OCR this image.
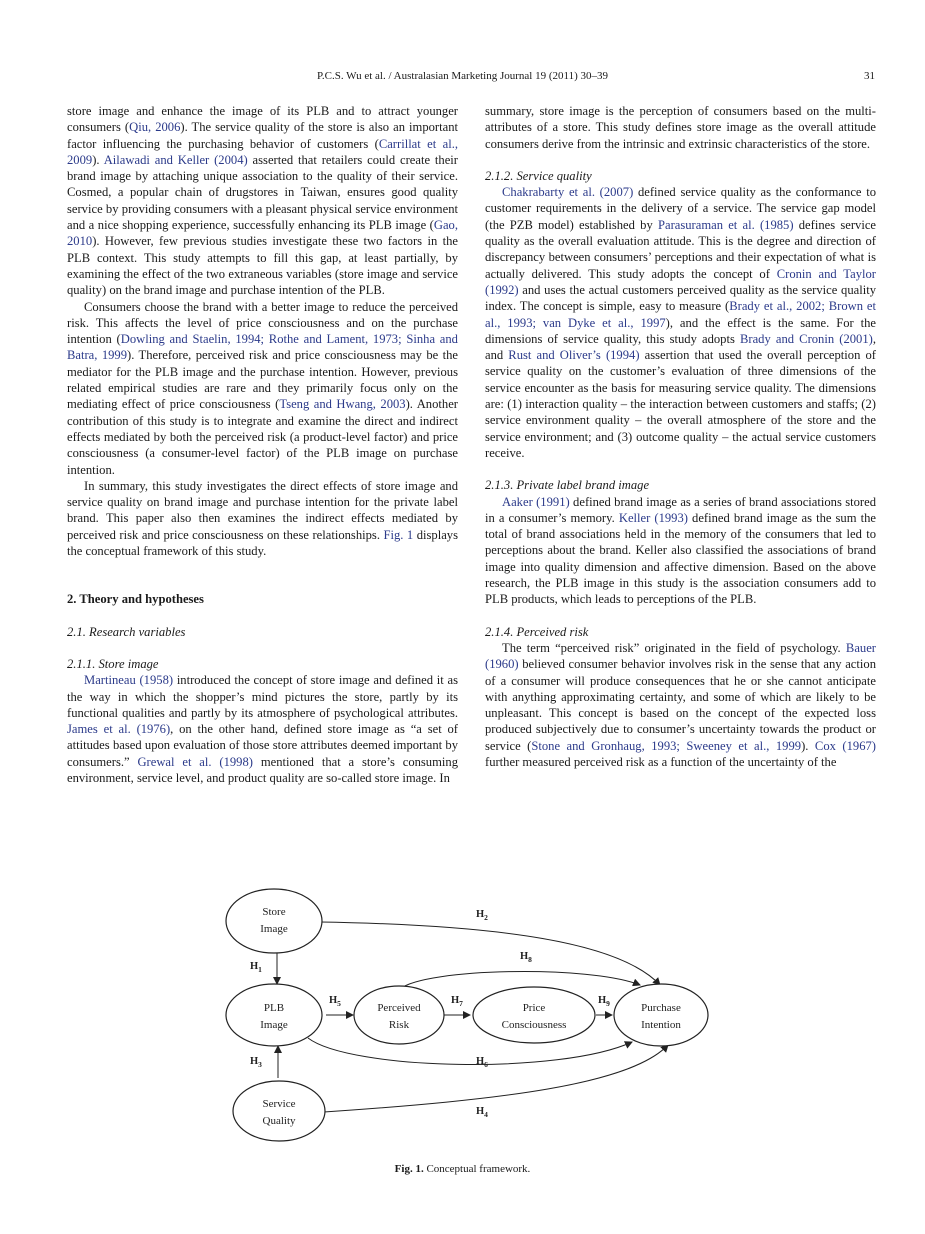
P.C.S. Wu et al. / Australasian Marketing Journal 19 (2011) 30–39	31

store image and enhance the image of its PLB and to attract younger consumers (Qiu, 2006). The service quality of the store is also an important factor influencing the purchasing behavior of customers (Carrillat et al., 2009). Ailawadi and Keller (2004) asserted that retailers could create their brand image by attaching unique association to the quality of their service. Cosmed, a popular chain of drugstores in Taiwan, ensures good quality service by providing consumers with a pleasant physical service environment and a nice shopping experience, successfully enhancing its PLB image (Gao, 2010). However, few previous studies investigate these two factors in the PLB context. This study attempts to fill this gap, at least partially, by examining the effect of the two extraneous variables (store image and service quality) on the brand image and purchase intention of the PLB.

Consumers choose the brand with a better image to reduce the perceived risk. This affects the level of price consciousness and on the purchase intention (Dowling and Staelin, 1994; Rothe and Lament, 1973; Sinha and Batra, 1999). Therefore, perceived risk and price consciousness may be the mediator for the PLB image and the purchase intention. However, previous related empirical studies are rare and they primarily focus only on the mediating effect of price consciousness (Tseng and Hwang, 2003). Another contribution of this study is to integrate and examine the direct and indirect effects mediated by both the perceived risk (a product-level factor) and price consciousness (a consumer-level factor) of the PLB image on purchase intention.

In summary, this study investigates the direct effects of store image and service quality on brand image and purchase intention for the private label brand. This paper also then examines the indirect effects mediated by perceived risk and price consciousness on these relationships. Fig. 1 displays the conceptual framework of this study.

2. Theory and hypotheses

2.1. Research variables

2.1.1. Store image

Martineau (1958) introduced the concept of store image and defined it as the way in which the shopper’s mind pictures the store, partly by its functional qualities and partly by its atmosphere of psychological attributes. James et al. (1976), on the other hand, defined store image as “a set of attitudes based upon evaluation of those store attributes deemed important by consumers.” Grewal et al. (1998) mentioned that a store’s consuming environment, service level, and product quality are so-called store image. In

summary, store image is the perception of consumers based on the multi-attributes of a store. This study defines store image as the overall attitude consumers derive from the intrinsic and extrinsic characteristics of the store.

2.1.2. Service quality

Chakrabarty et al. (2007) defined service quality as the conformance to customer requirements in the delivery of a service. The service gap model (the PZB model) established by Parasuraman et al. (1985) defines service quality as the overall evaluation attitude. This is the degree and direction of discrepancy between consumers’ perceptions and their expectation of what is actually delivered. This study adopts the concept of Cronin and Taylor (1992) and uses the actual customers perceived quality as the service quality index. The concept is simple, easy to measure (Brady et al., 2002; Brown et al., 1993; van Dyke et al., 1997), and the effect is the same. For the dimensions of service quality, this study adopts Brady and Cronin (2001), and Rust and Oliver’s (1994) assertion that used the overall perception of service quality on the customer’s evaluation of three dimensions of the service encounter as the basis for measuring service quality. The dimensions are: (1) interaction quality – the interaction between customers and staffs; (2) service environment quality – the overall atmosphere of the store and the service environment; and (3) outcome quality – the actual service customers receive.

2.1.3. Private label brand image

Aaker (1991) defined brand image as a series of brand associations stored in a consumer’s memory. Keller (1993) defined brand image as the sum the total of brand associations held in the memory of the consumers that led to perceptions about the brand. Keller also classified the associations of brand image into quality dimension and affective dimension. Based on the above research, the PLB image in this study is the association consumers add to PLB products, which leads to perceptions of the PLB.

2.1.4. Perceived risk

The term “perceived risk” originated in the field of psychology. Bauer (1960) believed consumer behavior involves risk in the sense that any action of a consumer will produce consequences that he or she cannot anticipate with anything approximating certainty, and some of which are likely to be unpleasant. This concept is based on the concept of the expected loss produced subjectively due to consumer’s uncertainty towards the product or service (Stone and Gronhaug, 1993; Sweeney et al., 1999). Cox (1967) further measured perceived risk as a function of the uncertainty of the

Store
Image
PLB
Image
Perceived
Risk
Price
Consciousness
Purchase
Intention
Service
Quality
$H_2$
$H_1$
$H_8$
$H_5$	$H_7$	$H_9$
$H_3$	$H_6$
$H_4$
Fig. 1. Conceptual framework.
